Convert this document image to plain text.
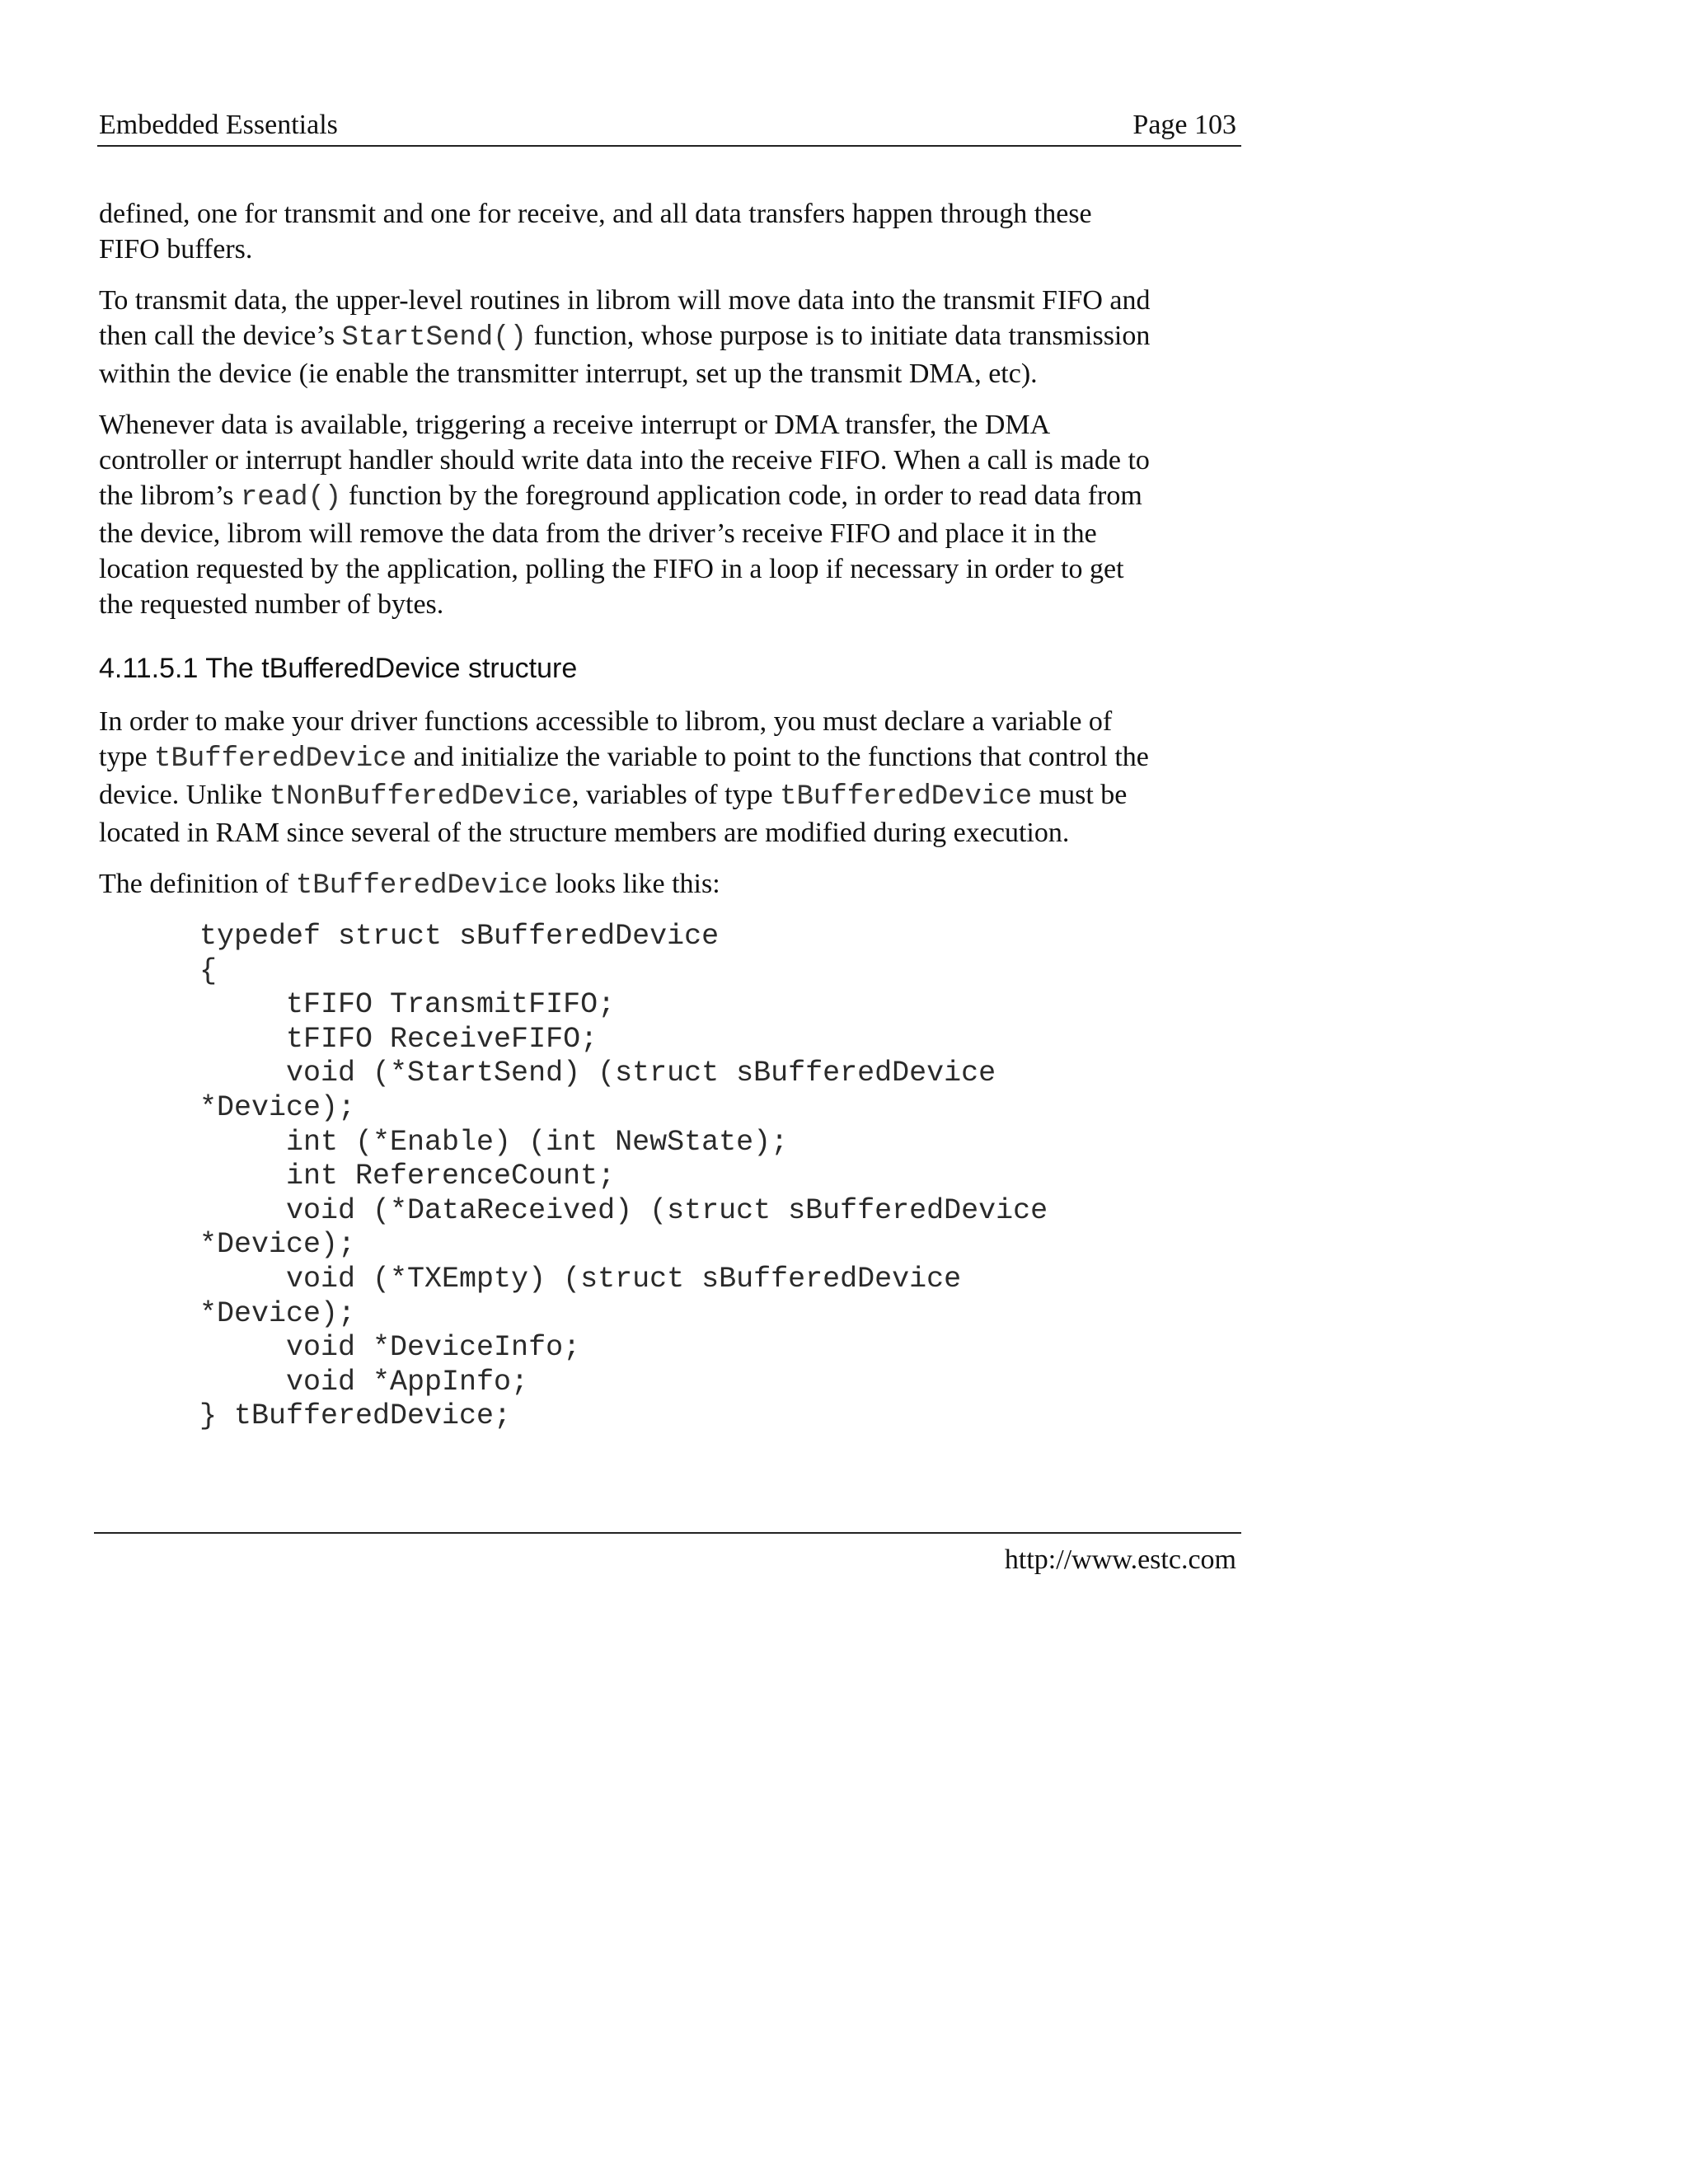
Embedded Essentials	Page 103

defined, one for transmit and one for receive, and all data transfers happen through these
FIFO buffers.

To transmit data, the upper-level routines in librom will move data into the transmit FIFO and
then call the device’s StartSend() function, whose purpose is to initiate data transmission
within the device (ie enable the transmitter interrupt, set up the transmit DMA, etc).

Whenever data is available, triggering a receive interrupt or DMA transfer, the DMA
controller or interrupt handler should write data into the receive FIFO. When a call is made to
the librom’s read() function by the foreground application code, in order to read data from
the device, librom will remove the data from the driver’s receive FIFO and place it in the
location requested by the application, polling the FIFO in a loop if necessary in order to get
the requested number of bytes.

4.11.5.1 The tBufferedDevice structure

In order to make your driver functions accessible to librom, you must declare a variable of
type tBufferedDevice and initialize the variable to point to the functions that control the
device. Unlike tNonBufferedDevice, variables of type tBufferedDevice must be
located in RAM since several of the structure members are modified during execution.

The definition of tBufferedDevice looks like this:

typedef struct sBufferedDevice
{
tFIFO TransmitFIFO;
tFIFO ReceiveFIFO;
void (*StartSend) (struct sBufferedDevice
*Device);
int (*Enable) (int NewState);
int ReferenceCount;
void (*DataReceived) (struct sBufferedDevice
*Device);
void (*TXEmpty) (struct sBufferedDevice
*Device);
void *DeviceInfo;
void *AppInfo;
} tBufferedDevice;
http://www.estc.com
